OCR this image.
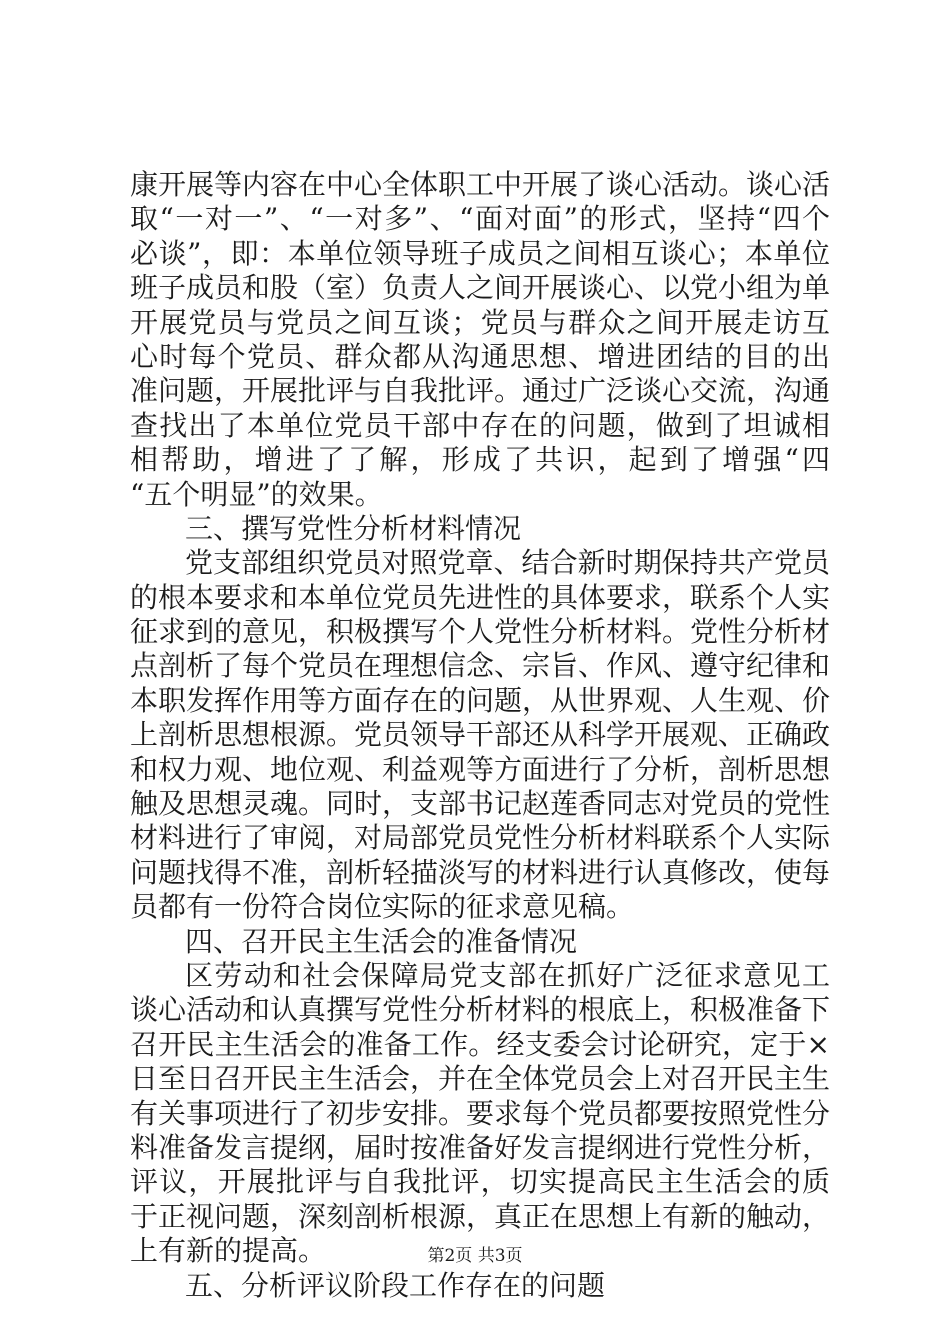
康开展等内容在中心全体职工中开展了谈心活动。谈心活
取“一对一”、“一对多”、“面对面”的形式，坚持“四个
必谈”，即：本单位领导班子成员之间相互谈心；本单位
班子成员和股（室）负责人之间开展谈心、以党小组为单
开展党员与党员之间互谈；党员与群众之间开展走访互
心时每个党员、群众都从沟通思想、增进团结的目的出
准问题，开展批评与自我批评。通过广泛谈心交流，沟通
查找出了本单位党员干部中存在的问题，做到了坦诚相
相帮助，增进了了解，形成了共识，起到了增强“四
“五个明显”的效果。
三、撰写党性分析材料情况
党支部组织党员对照党章、结合新时期保持共产党员
的根本要求和本单位党员先进性的具体要求，联系个人实
征求到的意见，积极撰写个人党性分析材料。党性分析材
点剖析了每个党员在理想信念、宗旨、作风、遵守纪律和
本职发挥作用等方面存在的问题，从世界观、人生观、价
上剖析思想根源。党员领导干部还从科学开展观、正确政
和权力观、地位观、利益观等方面进行了分析，剖析思想
触及思想灵魂。同时，支部书记赵莲香同志对党员的党性
材料进行了审阅，对局部党员党性分析材料联系个人实际
问题找得不准，剖析轻描淡写的材料进行认真修改，使每
员都有一份符合岗位实际的征求意见稿。
四、召开民主生活会的准备情况
区劳动和社会保障局党支部在抓好广泛征求意见工
谈心活动和认真撰写党性分析材料的根底上，积极准备下
召开民主生活会的准备工作。经支委会讨论研究，定于×
日至日召开民主生活会，并在全体党员会上对召开民主生
有关事项进行了初步安排。要求每个党员都要按照党性分
料准备发言提纲，届时按准备好发言提纲进行党性分析，
评议，开展批评与自我批评，切实提高民主生活会的质
于正视问题，深刻剖析根源，真正在思想上有新的触动，
上有新的提高。
五、分析评议阶段工作存在的问题
第2页 共3页
